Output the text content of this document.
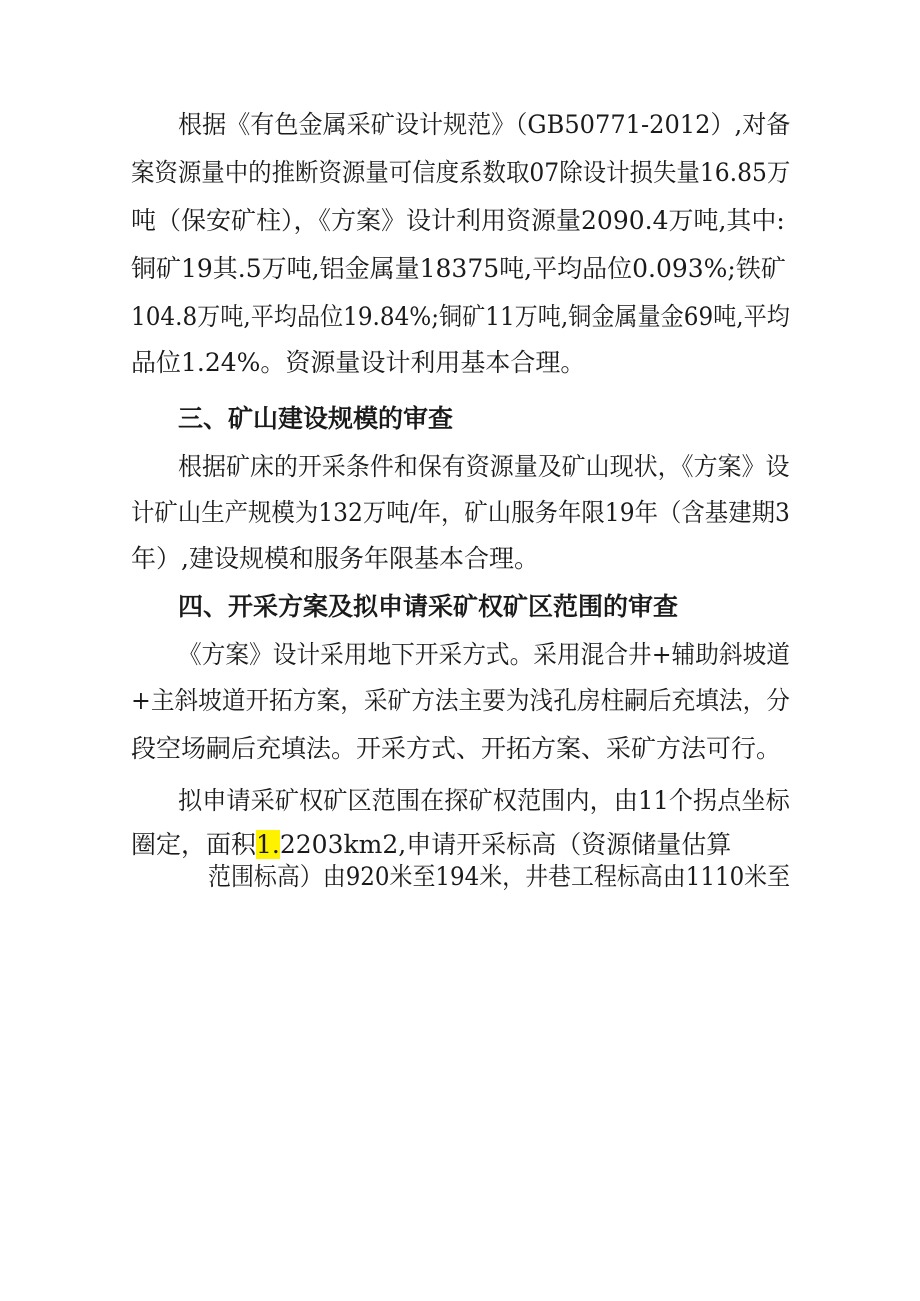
根据《有色金属采矿设计规范》（GB50771-2012）,对备
案资源量中的推断资源量可信度系数取07除设计损失量16.85万
吨（保安矿柱），《方案》设计利用资源量2090.4万吨,其中:
铜矿19其.5万吨,铝金属量18375吨,平均品位0.093%;铁矿
104.8万吨,平均品位19.84%;铜矿11万吨,铜金属量金69吨,平均
品位1.24%。资源量设计利用基本合理。
三、矿山建设规模的审查
根据矿床的开采条件和保有资源量及矿山现状，《方案》设
计矿山生产规模为132万吨/年，矿山服务年限19年（含基建期3
年）,建设规模和服务年限基本合理。
四、开采方案及拟申请采矿权矿区范围的审查
《方案》设计采用地下开采方式。采用混合井+辅助斜坡道
+主斜坡道开拓方案，采矿方法主要为浅孔房柱嗣后充填法，分
段空场嗣后充填法。开采方式、开拓方案、采矿方法可行。
拟申请采矿权矿区范围在探矿权范围内，由11个拐点坐标
圈定，面积1.2203km2,申请开采标高（资源储量估算
范围标高）由920米至194米，井巷工程标高由1110米至
